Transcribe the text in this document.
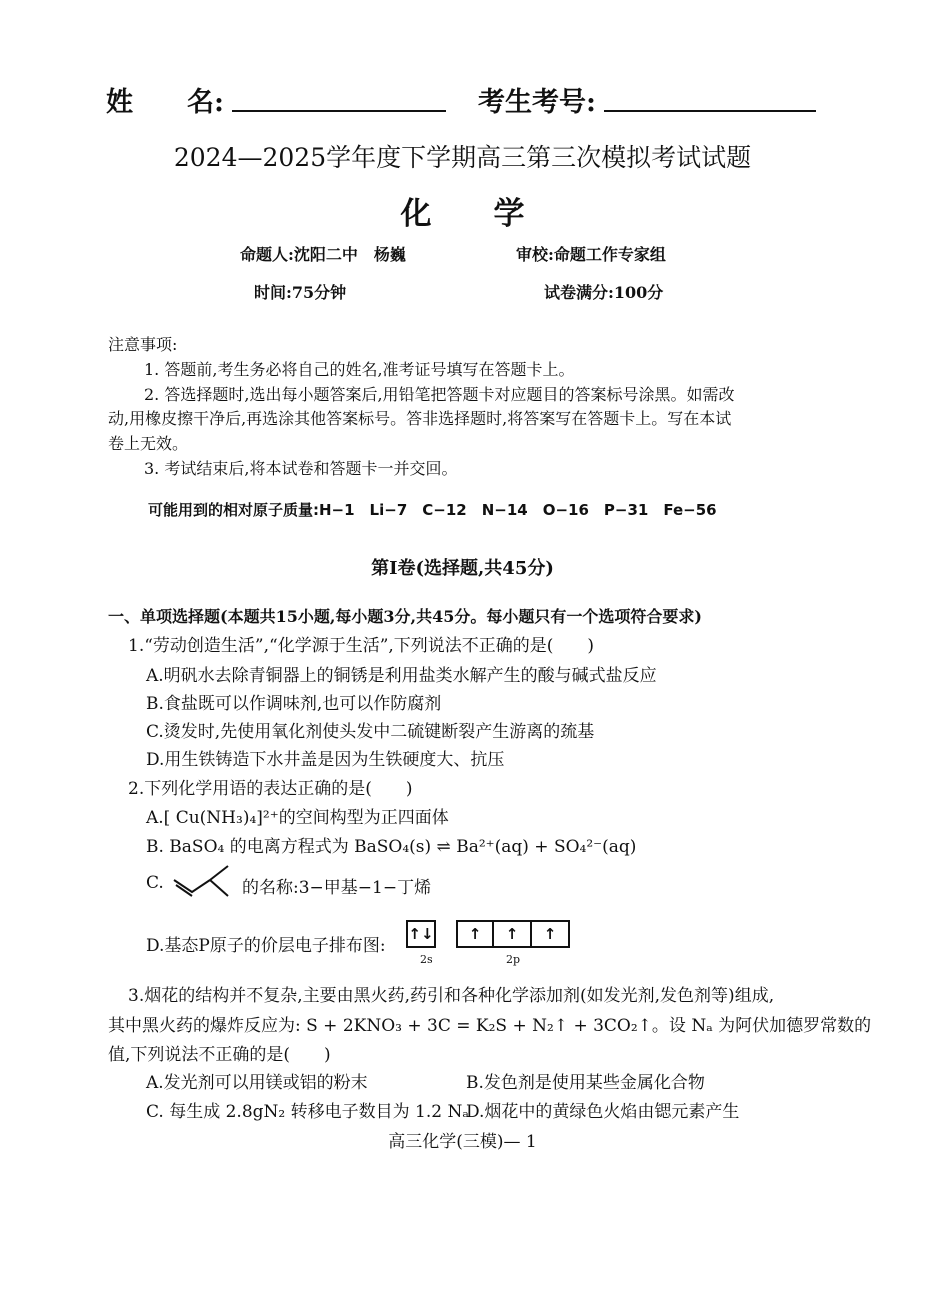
姓　　名:	考生考号:
2024—2025学年度下学期高三第三次模拟考试试题
化　　学
命题人:沈阳二中　杨巍	审校:命题工作专家组
时间:75分钟	试卷满分:100分
注意事项:
1. 答题前,考生务必将自己的姓名,准考证号填写在答题卡上。
2. 答选择题时,选出每小题答案后,用铅笔把答题卡对应题目的答案标号涂黑。如需改
动,用橡皮擦干净后,再选涂其他答案标号。答非选择题时,将答案写在答题卡上。写在本试
卷上无效。
3. 考试结束后,将本试卷和答题卡一并交回。
可能用到的相对原子质量:H−1　Li−7　C−12　N−14　O−16　P−31　Fe−56
第Ⅰ卷(选择题,共45分)
一、单项选择题(本题共15小题,每小题3分,共45分。每小题只有一个选项符合要求)
1.“劳动创造生活”,“化学源于生活”,下列说法不正确的是(　　)
A.明矾水去除青铜器上的铜锈是利用盐类水解产生的酸与碱式盐反应
B.食盐既可以作调味剂,也可以作防腐剂
C.烫发时,先使用氧化剂使头发中二硫键断裂产生游离的巯基
D.用生铁铸造下水井盖是因为生铁硬度大、抗压
2.下列化学用语的表达正确的是(　　)
A.[ Cu(NH₃)₄]²⁺的空间构型为正四面体
B. BaSO₄ 的电离方程式为 BaSO₄(s) ⇌ Ba²⁺(aq) + SO₄²⁻(aq)
C.	的名称:3−甲基−1−丁烯
D.基态P原子的价层电子排布图:
↑↓	↑ ↑ ↑
2s	2p
3.烟花的结构并不复杂,主要由黑火药,药引和各种化学添加剂(如发光剂,发色剂等)组成,
其中黑火药的爆炸反应为: S + 2KNO₃ + 3C = K₂S + N₂↑ + 3CO₂↑。设 Nₐ 为阿伏加德罗常数的
值,下列说法不正确的是(　　)
A.发光剂可以用镁或铝的粉末	B.发色剂是使用某些金属化合物
C. 每生成 2.8gN₂ 转移电子数目为 1.2 Nₐ
D.烟花中的黄绿色火焰由锶元素产生
高三化学(三模)— 1
